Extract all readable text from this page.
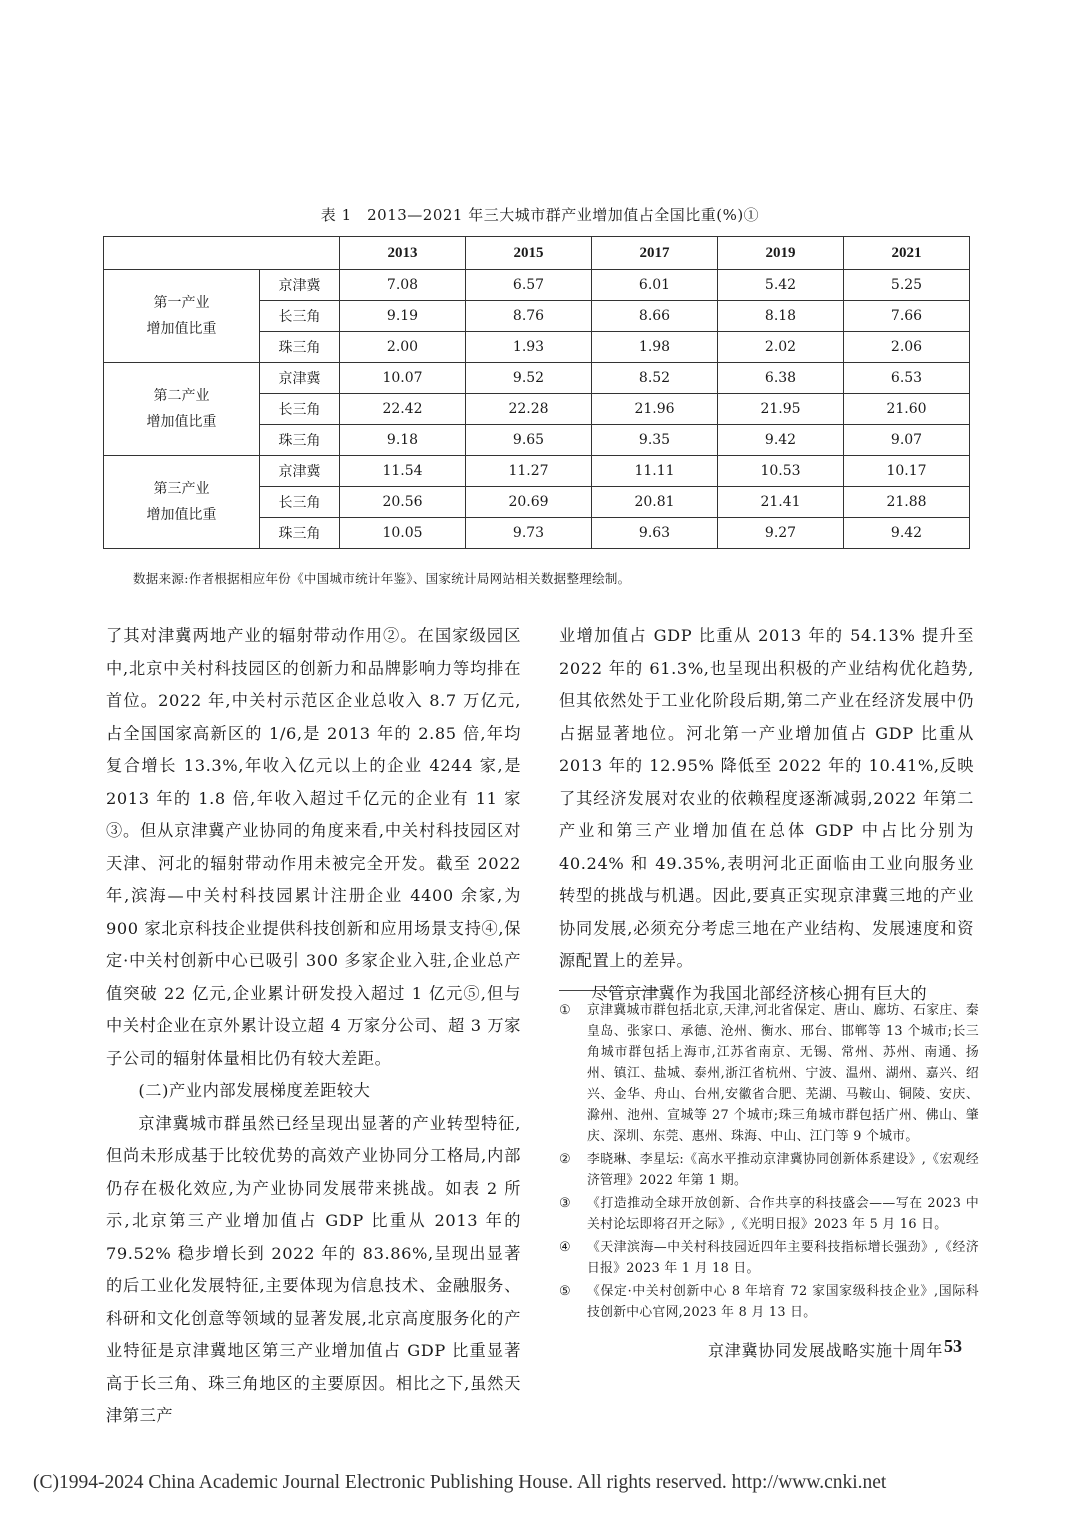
表 1　2013—2021 年三大城市群产业增加值占全国比重(%)①
		2013	2015	2017	2019	2021
第一产业
增加值比重	京津冀	7.08	6.57	6.01	5.42	5.25
	长三角	9.19	8.76	8.66	8.18	7.66
	珠三角	2.00	1.93	1.98	2.02	2.06
第二产业
增加值比重	京津冀	10.07	9.52	8.52	6.38	6.53
	长三角	22.42	22.28	21.96	21.95	21.60
	珠三角	9.18	9.65	9.35	9.42	9.07
第三产业
增加值比重	京津冀	11.54	11.27	11.11	10.53	10.17
	长三角	20.56	20.69	20.81	21.41	21.88
	珠三角	10.05	9.73	9.63	9.27	9.42
数据来源:作者根据相应年份《中国城市统计年鉴》、国家统计局网站相关数据整理绘制。

了其对津冀两地产业的辐射带动作用②。在国家级园区中,北京中关村科技园区的创新力和品牌影响力等均排在首位。2022 年,中关村示范区企业总收入 8.7 万亿元,占全国国家高新区的 1/6,是 2013 年的 2.85 倍,年均复合增长 13.3%,年收入亿元以上的企业 4244 家,是 2013 年的 1.8 倍,年收入超过千亿元的企业有 11 家③。但从京津冀产业协同的角度来看,中关村科技园区对天津、河北的辐射带动作用未被完全开发。截至 2022 年,滨海—中关村科技园累计注册企业 4400 余家,为 900 家北京科技企业提供科技创新和应用场景支持④,保定·中关村创新中心已吸引 300 多家企业入驻,企业总产值突破 22 亿元,企业累计研发投入超过 1 亿元⑤,但与中关村企业在京外累计设立超 4 万家分公司、超 3 万家子公司的辐射体量相比仍有较大差距。

(二)产业内部发展梯度差距较大

京津冀城市群虽然已经呈现出显著的产业转型特征,但尚未形成基于比较优势的高效产业协同分工格局,内部仍存在极化效应,为产业协同发展带来挑战。如表 2 所示,北京第三产业增加值占 GDP 比重从 2013 年的 79.52% 稳步增长到 2022 年的 83.86%,呈现出显著的后工业化发展特征,主要体现为信息技术、金融服务、科研和文化创意等领域的显著发展,北京高度服务化的产业特征是京津冀地区第三产业增加值占 GDP 比重显著高于长三角、珠三角地区的主要原因。相比之下,虽然天津第三产

业增加值占 GDP 比重从 2013 年的 54.13% 提升至 2022 年的 61.3%,也呈现出积极的产业结构优化趋势,但其依然处于工业化阶段后期,第二产业在经济发展中仍占据显著地位。河北第一产业增加值占 GDP 比重从 2013 年的 12.95% 降低至 2022 年的 10.41%,反映了其经济发展对农业的依赖程度逐渐减弱,2022 年第二产业和第三产业增加值在总体 GDP 中占比分别为 40.24% 和 49.35%,表明河北正面临由工业向服务业转型的挑战与机遇。因此,要真正实现京津冀三地的产业协同发展,必须充分考虑三地在产业结构、发展速度和资源配置上的差异。

尽管京津冀作为我国北部经济核心拥有巨大的

①	京津冀城市群包括北京,天津,河北省保定、唐山、廊坊、石家庄、秦皇岛、张家口、承德、沧州、衡水、邢台、邯郸等 13 个城市;长三角城市群包括上海市,江苏省南京、无锡、常州、苏州、南通、扬州、镇江、盐城、泰州,浙江省杭州、宁波、温州、湖州、嘉兴、绍兴、金华、舟山、台州,安徽省合肥、芜湖、马鞍山、铜陵、安庆、滁州、池州、宣城等 27 个城市;珠三角城市群包括广州、佛山、肇庆、深圳、东莞、惠州、珠海、中山、江门等 9 个城市。
②	李晓琳、李星坛:《高水平推动京津冀协同创新体系建设》,《宏观经济管理》2022 年第 1 期。
③	《打造推动全球开放创新、合作共享的科技盛会——写在 2023 中关村论坛即将召开之际》,《光明日报》2023 年 5 月 16 日。
④	《天津滨海—中关村科技园近四年主要科技指标增长强劲》,《经济日报》2023 年 1 月 18 日。
⑤	《保定·中关村创新中心 8 年培育 72 家国家级科技企业》,国际科技创新中心官网,2023 年 8 月 13 日。
京津冀协同发展战略实施十周年 53
(C)1994-2024 China Academic Journal Electronic Publishing House. All rights reserved. http://www.cnki.net
